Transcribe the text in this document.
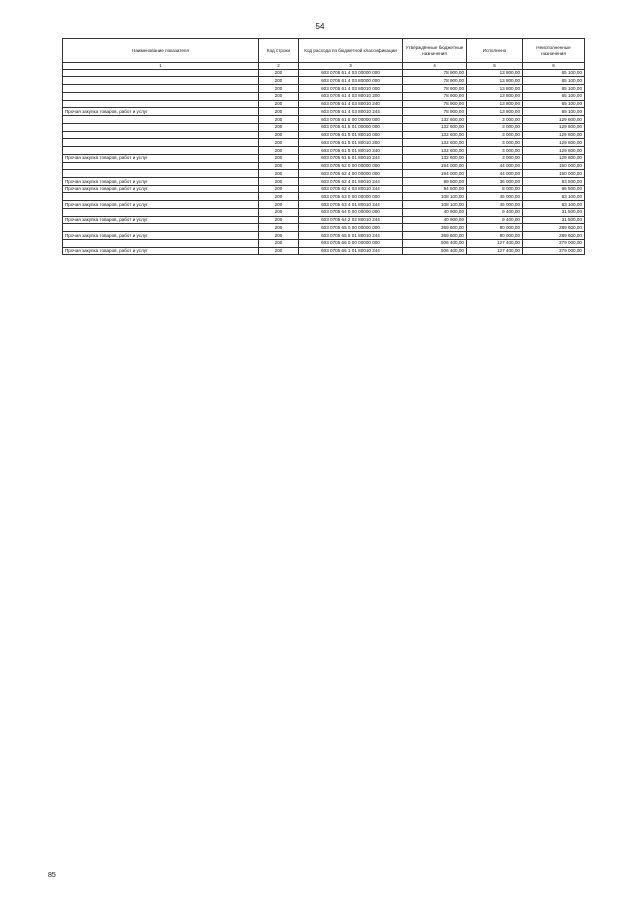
54
Наименование показателя	Код строки	Код расхода по бюджетной классификации	Утверждённые бюджетные назначения	Исполнено	Неисполненные назначения
1	2	3	4	5	6
	200	603 0705 61 4 03 00000 000	78 900,00	13 800,00	65 100,00
	200	603 0705 61 4 03 80000 000	78 900,00	13 800,00	65 100,00
	200	603 0705 61 4 03 80010 000	78 900,00	13 800,00	65 100,00
	200	603 0705 61 4 03 80010 200	78 900,00	13 800,00	65 100,00
	200	603 0705 61 4 03 80010 240	78 900,00	13 800,00	65 100,00
Прочая закупка товаров, работ и услуг	200	603 0705 61 4 03 80010 244	78 900,00	13 800,00	65 100,00
	200	603 0705 61 5 00 00000 000	132 600,00	3 000,00	129 600,00
	200	603 0705 61 5 01 00000 000	132 600,00	3 000,00	129 600,00
	200	603 0705 61 5 01 80010 000	132 600,00	3 000,00	129 600,00
	200	603 0705 61 5 01 80010 200	132 600,00	3 000,00	129 600,00
	200	603 0705 61 5 01 80010 240	132 600,00	3 000,00	129 600,00
Прочая закупка товаров, работ и услуг	200	603 0705 61 5 01 80010 244	132 600,00	3 000,00	129 600,00
	200	603 0705 62 0 00 00000 000	194 000,00	44 000,00	150 000,00
	200	603 0705 62 4 00 00000 000	194 000,00	44 000,00	150 000,00
Прочая закупка товаров, работ и услуг	200	603 0705 62 4 01 80010 244	99 500,00	36 000,00	63 500,00
Прочая закупка товаров, работ и услуг	200	603 0705 62 4 03 80010 244	94 500,00	8 000,00	86 500,00
	200	603 0705 63 0 00 00000 000	108 100,00	45 000,00	63 100,00
Прочая закупка товаров, работ и услуг	200	603 0705 63 4 01 80010 244	108 100,00	45 000,00	63 100,00
	200	603 0705 64 0 00 00000 000	40 900,00	9 400,00	31 500,00
Прочая закупка товаров, работ и услуг	200	603 0705 64 2 02 80010 244	40 900,00	9 400,00	31 500,00
	200	603 0705 65 0 00 00000 000	369 600,00	80 000,00	289 600,00
Прочая закупка товаров, работ и услуг	200	603 0705 65 5 01 80010 244	369 600,00	80 000,00	289 600,00
	200	603 0705 66 0 00 00000 000	506 400,00	127 400,00	379 000,00
Прочая закупка товаров, работ и услуг	200	603 0705 66 1 01 80010 244	506 400,00	127 400,00	379 000,00
85
